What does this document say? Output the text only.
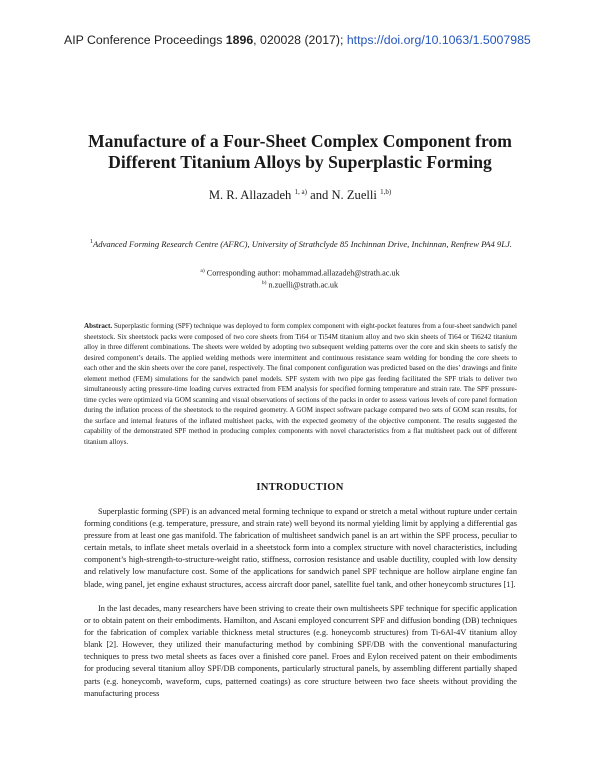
AIP Conference Proceedings 1896, 020028 (2017); https://doi.org/10.1063/1.5007985
Manufacture of a Four-Sheet Complex Component from Different Titanium Alloys by Superplastic Forming
M. R. Allazadeh $^{1, a)}$ and N. Zuelli $^{1,b)}$

$^1$Advanced Forming Research Centre (AFRC), University of Strathclyde 85 Inchinnan Drive, Inchinnan, Renfrew PA4 9LJ.

$^{a)}$ Corresponding author: mohammad.allazadeh@strath.ac.uk
$^{b)}$ n.zuelli@strath.ac.uk

Abstract. Superplastic forming (SPF) technique was deployed to form complex component with eight-pocket features from a four-sheet sandwich panel sheetstock. Six sheetstock packs were composed of two core sheets from Ti64 or Ti54M titanium alloy and two skin sheets of Ti64 or Ti6242 titanium alloy in three different combinations. The sheets were welded by adopting two subsequent welding patterns over the core and skin sheets to satisfy the desired component’s details. The applied welding methods were intermittent and continuous resistance seam welding for bonding the core sheets to each other and the skin sheets over the core panel, respectively. The final component configuration was predicted based on the dies’ drawings and finite element method (FEM) simulations for the sandwich panel models. SPF system with two pipe gas feeding facilitated the SPF trials to deliver two simultaneously acting pressure-time loading curves extracted from FEM analysis for specified forming temperature and strain rate. The SPF pressure-time cycles were optimized via GOM scanning and visual observations of sections of the packs in order to assess various levels of core panel formation during the inflation process of the sheetstock to the required geometry. A GOM inspect software package compared two sets of GOM scan results, for the surface and internal features of the inflated multisheet packs, with the expected geometry of the objective component. The results suggested the capability of the demonstrated SPF method in producing complex components with novel characteristics from a flat multisheet pack out of different titanium alloys.

INTRODUCTION

Superplastic forming (SPF) is an advanced metal forming technique to expand or stretch a metal without rupture under certain forming conditions (e.g. temperature, pressure, and strain rate) well beyond its normal yielding limit by applying a differential gas pressure from at least one gas manifold. The fabrication of multisheet sandwich panel is an art within the SPF process, peculiar to certain metals, to inflate sheet metals overlaid in a sheetstock form into a complex structure with novel characteristics, including component’s high-strength-to-structure-weight ratio, stiffness, corrosion resistance and usable ductility, coupled with low density and relatively low manufacture cost. Some of the applications for sandwich panel SPF technique are hollow airplane engine fan blade, wing panel, jet engine exhaust structures, access aircraft door panel, satellite fuel tank, and other honeycomb structures [1].

In the last decades, many researchers have been striving to create their own multisheets SPF technique for specific application or to obtain patent on their embodiments. Hamilton, and Ascani employed concurrent SPF and diffusion bonding (DB) techniques for the fabrication of complex variable thickness metal structures (e.g. honeycomb structures) from Ti-6Al-4V titanium alloy blank [2]. However, they utilized their manufacturing method by combining SPF/DB with the conventional manufacturing techniques to press two metal sheets as faces over a finished core panel. Froes and Eylon received patent on their embodiments for producing several titanium alloy SPF/DB components, particularly structural panels, by assembling different partially shaped parts (e.g. honeycomb, waveform, cups, patterned coatings) as core structure between two face sheets without providing the manufacturing process
